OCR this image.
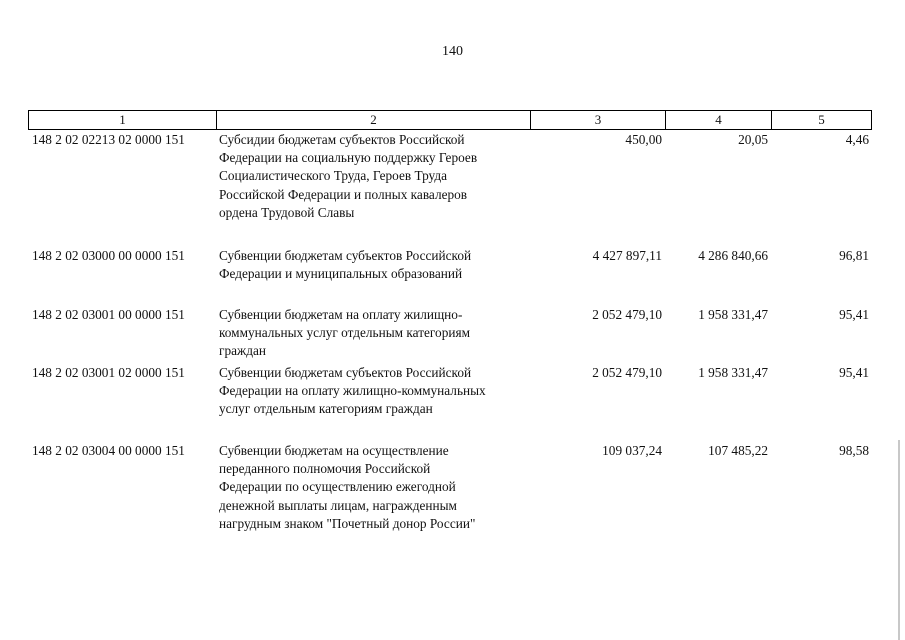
140
1	2	3	4	5
148 2 02 02213 02 0000 151	Субсидии бюджетам субъектов Российской
Федерации на социальную поддержку Героев
Социалистического Труда, Героев Труда
Российской Федерации и полных кавалеров
ордена Трудовой Славы
450,00	20,05	4,46
148 2 02 03000 00 0000 151	Субвенции бюджетам субъектов Российской
Федерации и муниципальных образований
4 427 897,11	4 286 840,66	96,81
148 2 02 03001 00 0000 151	Субвенции бюджетам на оплату жилищно-
коммунальных услуг отдельным категориям
граждан
2 052 479,10	1 958 331,47	95,41
148 2 02 03001 02 0000 151	Субвенции бюджетам субъектов Российской
Федерации на оплату жилищно-коммунальных
услуг отдельным категориям граждан
2 052 479,10	1 958 331,47	95,41
148 2 02 03004 00 0000 151	Субвенции бюджетам на осуществление
переданного полномочия Российской
Федерации по осуществлению ежегодной
денежной выплаты лицам, награжденным
нагрудным знаком "Почетный донор России"
109 037,24	107 485,22	98,58
